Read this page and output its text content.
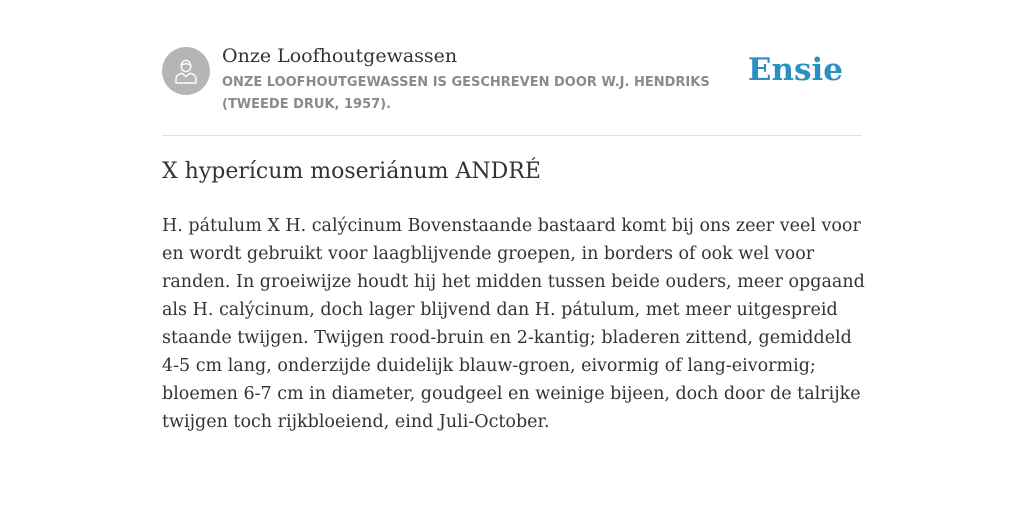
Onze Loofhoutgewassen
ONZE LOOFHOUTGEWASSEN IS GESCHREVEN DOOR W.J. HENDRIKS (TWEEDE DRUK, 1957).
Ensie
X hyperícum moseriánum ANDRÉ

H. pátulum X H. calýcinum Bovenstaande bastaard komt bij ons zeer veel voor en wordt gebruikt voor laagblijvende groepen, in borders of ook wel voor randen. In groeiwijze houdt hij het midden tussen beide ouders, meer opgaand als H. calýcinum, doch lager blijvend dan H. pátulum, met meer uitgespreid staande twijgen. Twijgen rood-bruin en 2-kantig; bladeren zittend, gemiddeld 4-5 cm lang, onderzijde duidelijk blauw-groen, eivormig of lang-eivormig; bloemen 6-7 cm in diameter, goudgeel en weinige bijeen, doch door de talrijke twijgen toch rijkbloeiend, eind Juli-October.
